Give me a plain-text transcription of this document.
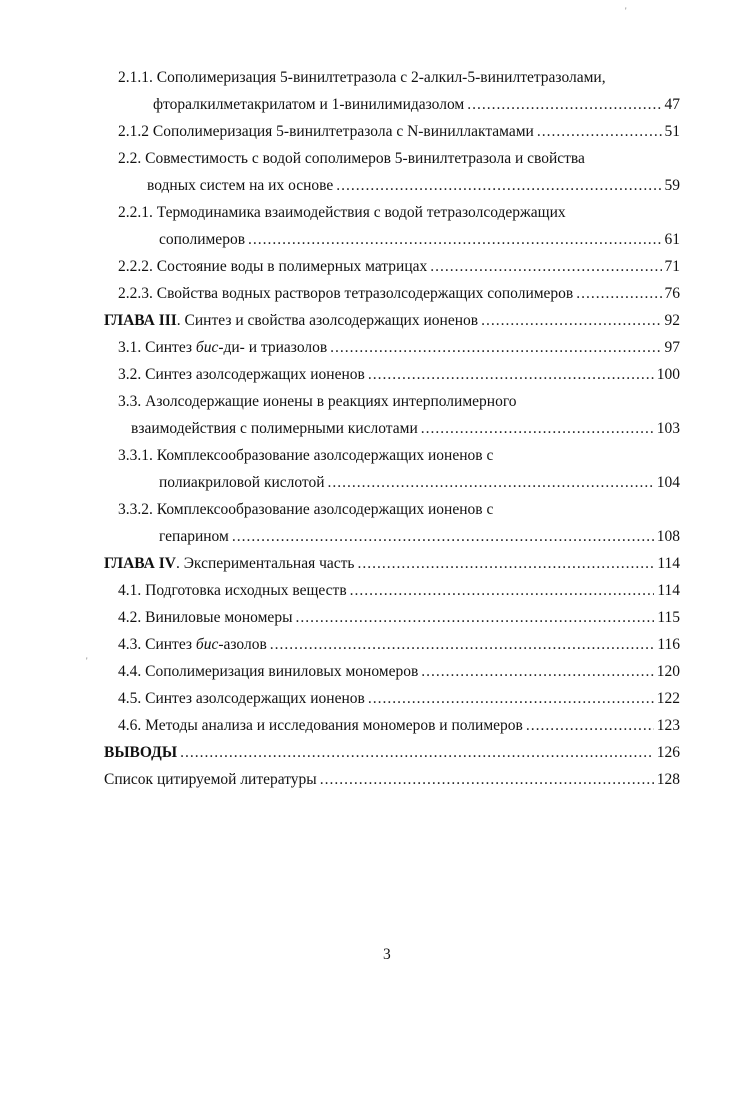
'
'
2.1.1. Сополимеризация 5-винилтетразола с 2-алкил-5-винилтетразолами,
фторалкилметакрилатом и 1-винилимидазолом .....	47
2.1.2 Сополимеризация 5-винилтетразола с N-виниллактамами .....	51
2.2. Совместимость с водой сополимеров 5-винилтетразола и свойства
водных систем на их основе .....	59
2.2.1. Термодинамика взаимодействия с водой тетразолсодержащих
сополимеров .....	61
2.2.2. Состояние воды в полимерных матрицах .....	71
2.2.3. Свойства водных растворов тетразолсодержащих сополимеров .....	76
ГЛАВА III. Синтез и свойства азолсодержащих ионенов .....	92
3.1. Синтез бис-ди- и триазолов .....	97
3.2. Синтез азолсодержащих ионенов .....	100
3.3. Азолсодержащие ионены в реакциях интерполимерного
взаимодействия с полимерными кислотами .....	103
3.3.1. Комплексообразование азолсодержащих ионенов с
полиакриловой кислотой .....	104
3.3.2. Комплексообразование азолсодержащих ионенов с
гепарином .....	108
ГЛАВА IV. Экспериментальная часть .....	114
4.1. Подготовка исходных веществ .....	114
4.2. Виниловые мономеры .....	115
4.3. Синтез бис-азолов .....	116
4.4. Сополимеризация виниловых мономеров .....	120
4.5. Синтез азолсодержащих ионенов .....	122
4.6. Методы анализа и исследования мономеров и полимеров .....	123
ВЫВОДЫ .....	126
Список цитируемой литературы .....	128
3
